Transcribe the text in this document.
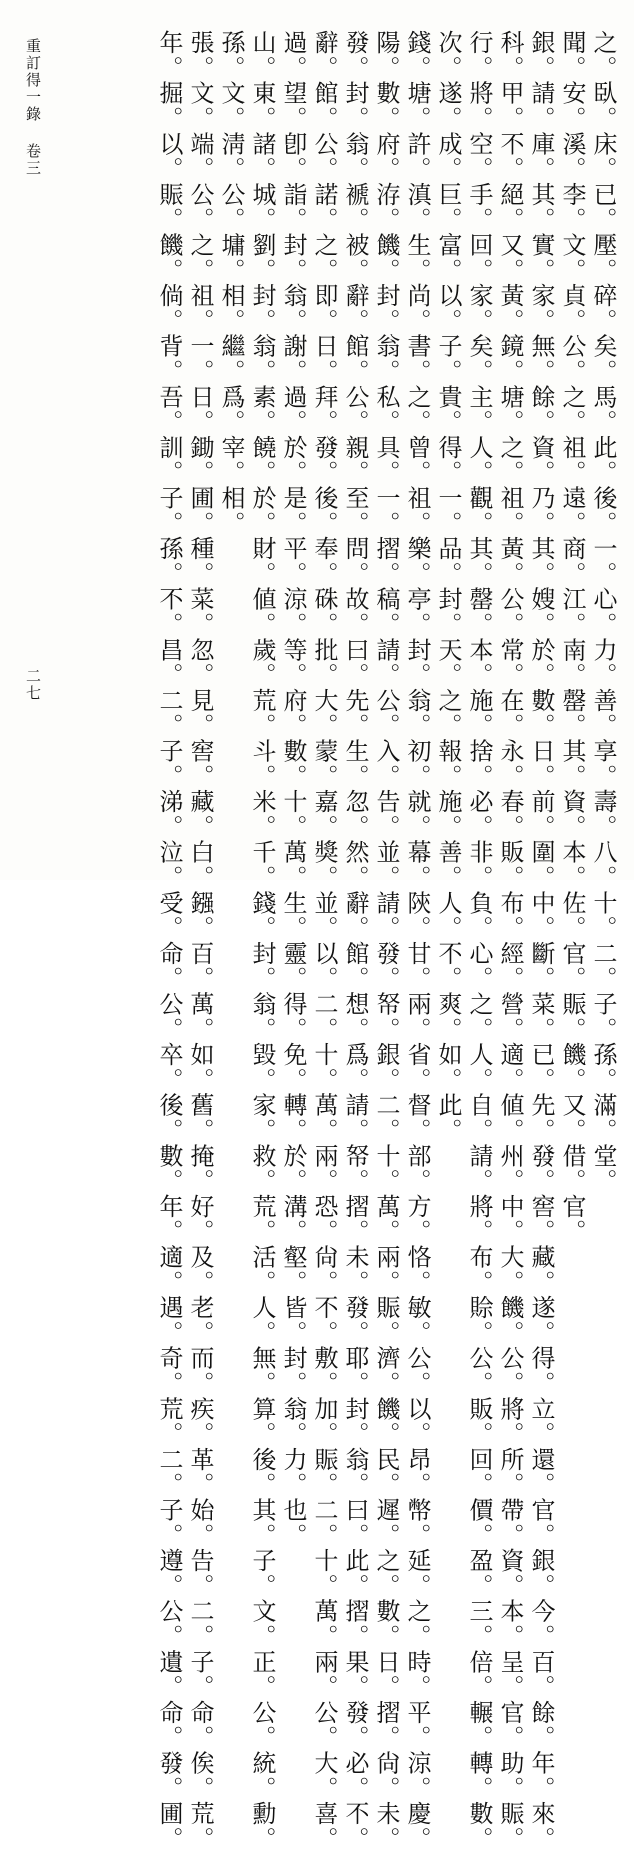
重訂得一錄 卷三
二七	之。臥。床。已。壓。碎。矣。馬。此。後。一。心。力。善。享。壽。八。十。二。子。孫。滿。堂。
聞。安。溪。李。文。貞。公。之。祖。遠。商。江。南。罄。其。資。本。佐。官。賑。饑。又。借。官。
銀。請。庫。其。實。家。無。餘。資。乃。其。嫂。於。數。日。前。圍。中。斷。菜。已。先。發。窖。藏。遂。得。立。還。官。銀。今。百。餘。年。來。
科。甲。不。絕。又。黃。鏡。塘。之。祖。黃。公。常。在。永。春。販。布。經。營。適。値。州。中。大。饑。公。將。所。帶。資。本。呈。官。助。賑。
行。將。空。手。回。家。矣。主。人。觀。其。罄。本。施。捨。必。非。負。心。之。人。自。請。將。布。賒。公。販。回。價。盈。三。倍。輾。轉。數。
次。遂。成。巨。富。以。子。貴。得。一。品。封。天。之。報。施。善。人。不。爽。如。此。
錢。塘。許。滇。生。尚。書。之。曾。祖。樂。亭。封。翁。初。就。幕。陝。甘。兩。省。督。部。方。恪。敏。公。以。昂。幣。延。之。時。平。涼。慶。
陽。數。府。洊。饑。封。翁。私。具。一。摺。稿。請。公。入。告。並。請。發。帑。銀。二。十。萬。兩。賑。濟。饑。民。遲。之。數。日。摺。尙。未。
發。封。翁。褫。被。辭。館。公。親。至。問。故。曰。先。生。忽。然。辭。館。想。爲。請。帑。摺。未。發。耶。封。翁。曰。此。摺。果。發。必。不。
辭。館。公。諾。之。即。日。拜。發。後。奉。硃。批。大。蒙。嘉。獎。並。以。二。十。萬。兩。恐。尙。不。敷。加。賑。二。十。萬。兩。公。大。喜。
過。望。卽。詣。封。翁。謝。過。於。是。平。涼。等。府。數。十。萬。生。靈。得。免。轉。於。溝。壑。皆。封。翁。力。也。
山。東。諸。城。劉。封。翁。素。饒。於。財。値。歲。荒。斗。米。千。錢。封。翁。毀。家。救。荒。活。人。無。算。後。其。子。文。正。公。統。勳。
孫。文。淸。公。墉。相。繼。爲。宰。相。
張。文。端。公。之。祖。一。日。鋤。圃。種。菜。忽。見。窖。藏。白。鏹。百。萬。如。舊。掩。好。及。老。而。疾。革。始。告。二。子。命。俟。荒。
年。掘。以。賑。饑。倘。背。吾。訓。子。孫。不。昌。二。子。涕。泣。受。命。公。卒。後。數。年。適。遇。奇。荒。二。子。遵。公。遺。命。發。圃。
